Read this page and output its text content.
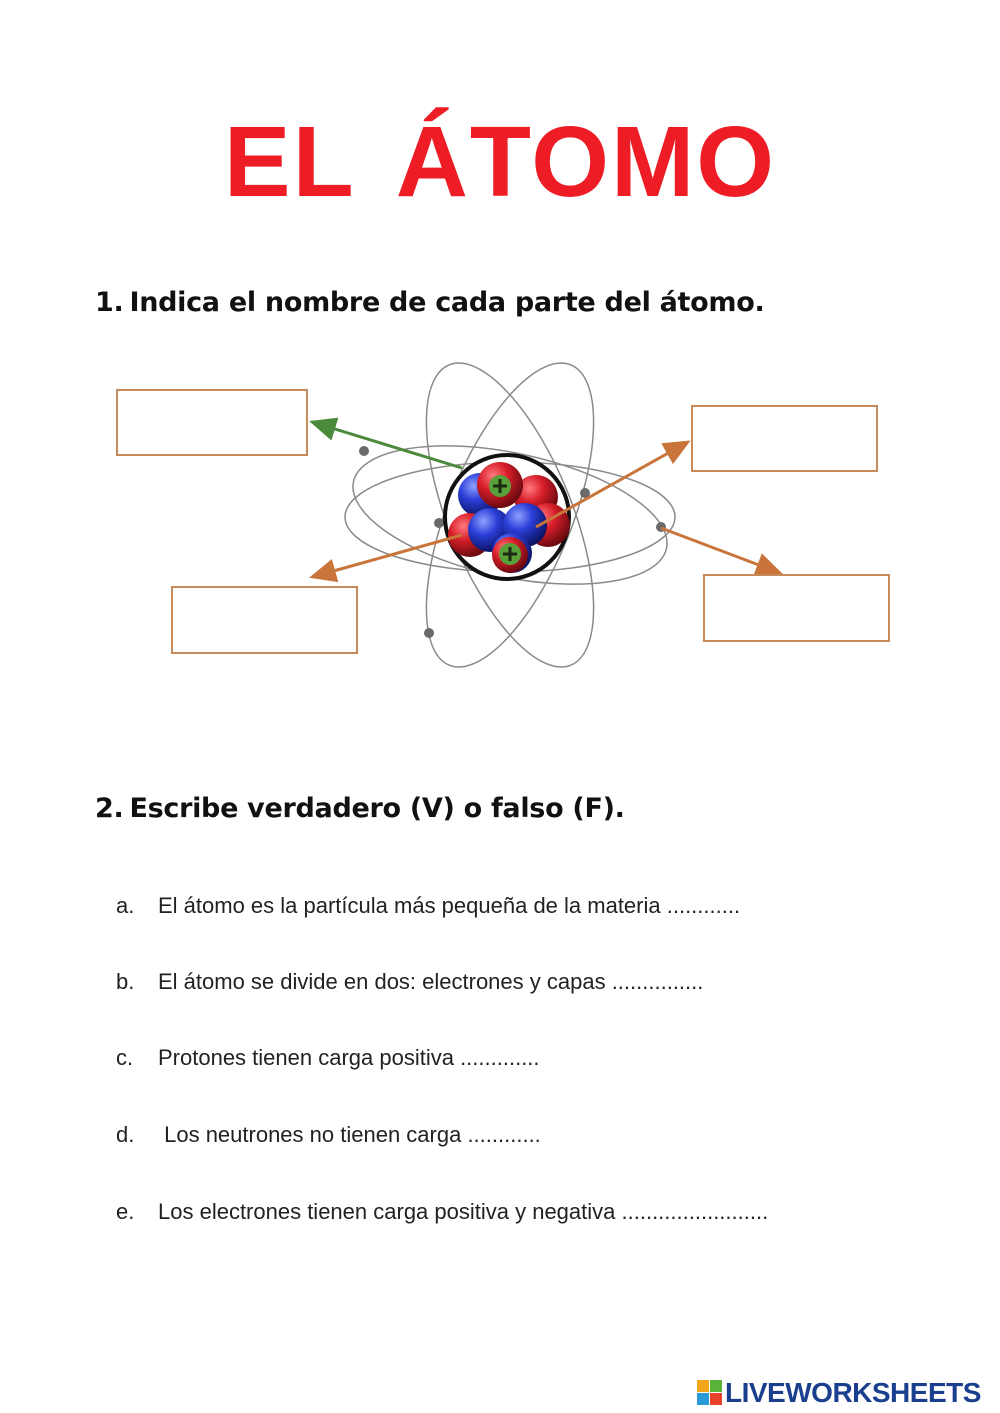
EL ÁTOMO
1. Indica el nombre de cada parte del átomo.
2. Escribe verdadero (V) o falso (F).
a. El átomo es la partícula más pequeña de la materia ............
b. El átomo se divide en dos: electrones y capas ...............
c. Protones tienen carga positiva .............
d. Los neutrones no tienen carga ............
e. Los electrones tienen carga positiva y negativa ........................
LIVEWORKSHEETS
